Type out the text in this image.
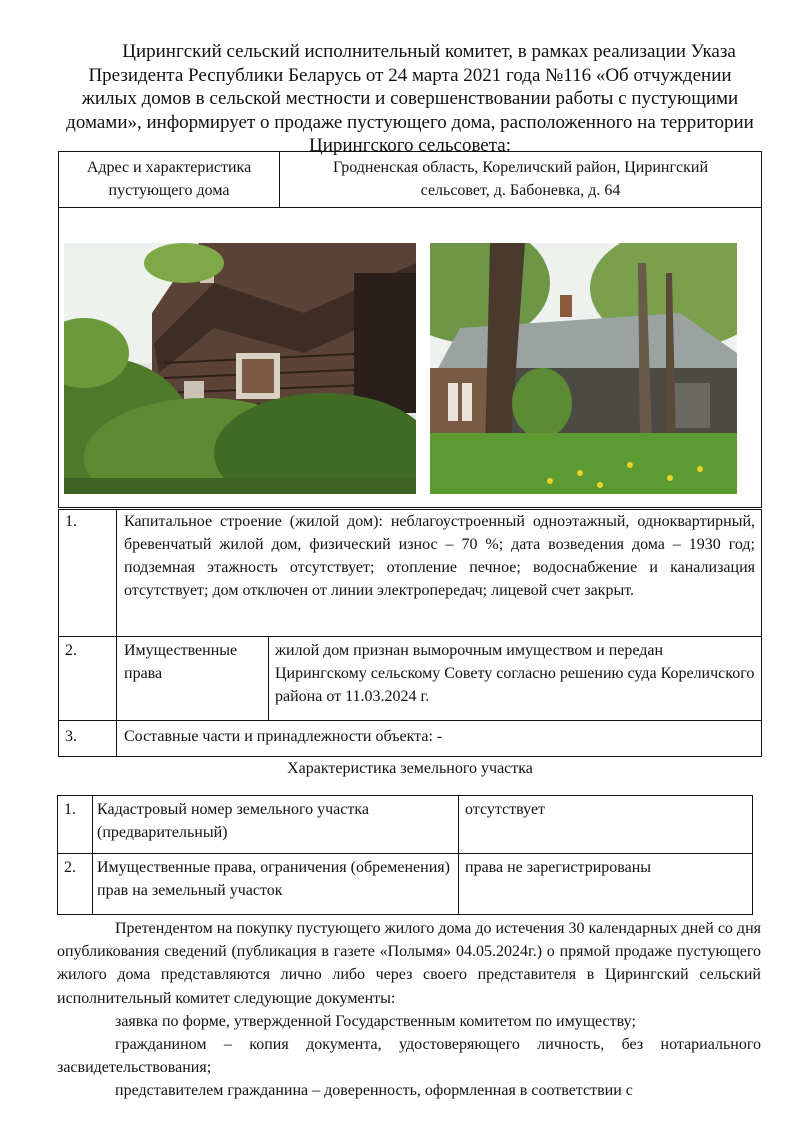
Цирингский сельский исполнительный комитет, в рамках реализации Указа Президента Республики Беларусь от 24 марта 2021 года №116 «Об отчуждении жилых домов в сельской местности и совершенствовании работы с пустующими домами», информирует о продаже пустующего дома, расположенного на территории Цирингского сельсовета:
Адрес и характеристика пустующего дома	Гродненская область, Кореличский район, Цирингский сельсовет, д. Бабоневка, д. 64

1.	Капитальное строение (жилой дом): неблагоустроенный одноэтажный, одноквартирный, бревенчатый жилой дом, физический износ – 70 %; дата возведения дома – 1930 год; подземная этажность отсутствует; отопление печное; водоснабжение и канализация отсутствует; дом отключен от линии электропередач; лицевой счет закрыт.	
2.	Имущественные права	жилой дом признан выморочным имуществом и передан Цирингскому сельскому Совету согласно решению суда Кореличского района от 11.03.2024 г.
3.	Составные части и принадлежности объекта: -	
Характеристика земельного участка
1.	Кадастровый номер земельного участка (предварительный)	отсутствует
2.	Имущественные права, ограничения (обременения) прав на земельный участок	права не зарегистрированы

Претендентом на покупку пустующего жилого дома до истечения 30 календарных дней со дня опубликования сведений (публикация в газете «Полымя» 04.05.2024г.) о прямой продаже пустующего жилого дома представляются лично либо через своего представителя в Цирингский сельский исполнительный комитет следующие документы:

заявка по форме, утвержденной Государственным комитетом по имуществу;

гражданином – копия документа, удостоверяющего личность, без нотариального засвидетельствования;

представителем гражданина – доверенность, оформленная в соответствии с
